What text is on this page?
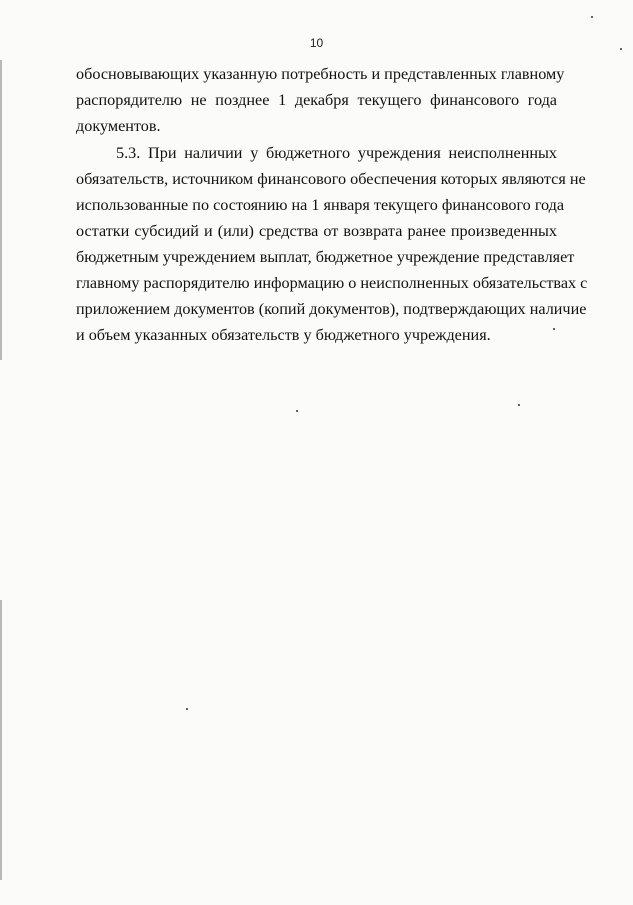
10
обосновывающих указанную потребность и представленных главному
распорядителю не позднее 1 декабря текущего финансового года
документов.
5.3. При наличии у бюджетного учреждения неисполненных
обязательств, источником финансового обеспечения которых являются не
использованные по состоянию на 1 января текущего финансового года
остатки субсидий и (или) средства от возврата ранее произведенных
бюджетным учреждением выплат, бюджетное учреждение представляет
главному распорядителю информацию о неисполненных обязательствах с
приложением документов (копий документов), подтверждающих наличие
и объем указанных обязательств у бюджетного учреждения.
